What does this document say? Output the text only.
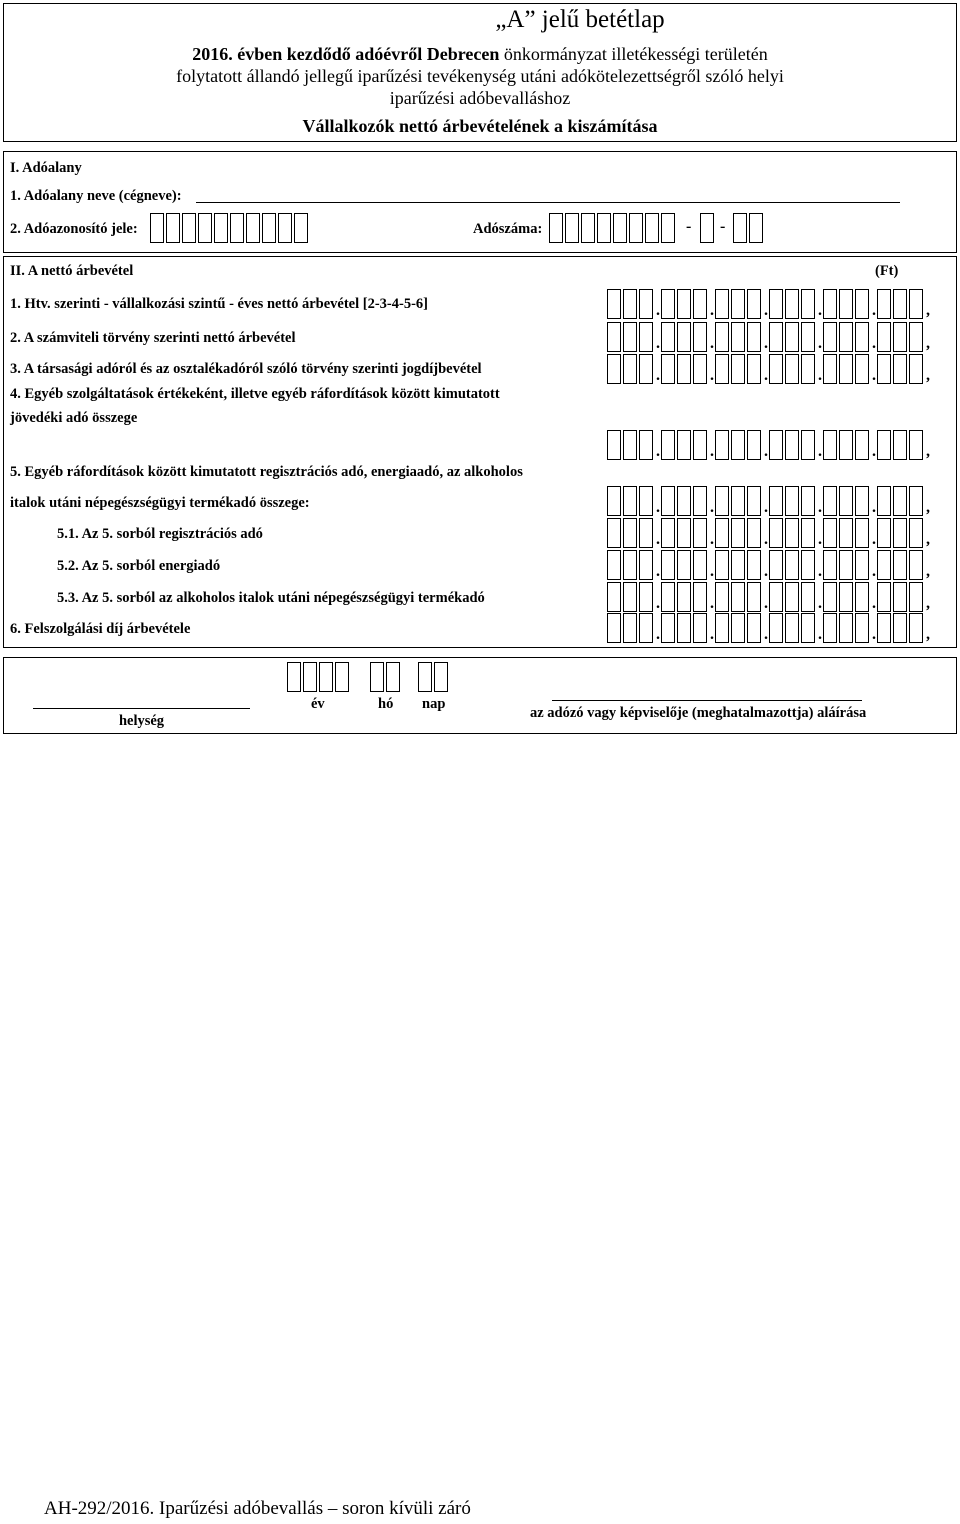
„A” jelű betétlap
2016. évben kezdődő adóévről Debrecen önkormányzat illetékességi területén
folytatott állandó jellegű iparűzési tevékenység utáni adókötelezettségről szóló helyi
iparűzési adóbevalláshoz
Vállalkozók nettó árbevételének a kiszámítása
I. Adóalany
1. Adóalany neve (cégneve):
2. Adóazonosító jele:	Adószáma:	- -
II. A nettó árbevétel	(Ft)
1. Htv. szerinti - vállalkozási szintű - éves nettó árbevétel [2-3-4-5-6]	.	.	.	.	.	,
2. A számviteli törvény szerinti nettó árbevétel	.	.	.	.	.	,
3. A társasági adóról és az osztalékadóról szóló törvény szerinti jogdíjbevétel	.	.	.	.	.	,
4. Egyéb szolgáltatások értékeként, illetve egyéb ráfordítások között kimutatott
jövedéki adó összege
.	.	.	.	.	,
5. Egyéb ráfordítások között kimutatott regisztrációs adó, energiaadó, az alkoholos
italok utáni népegészségügyi termékadó összege:	.	.	.	.	.	,
5.1. Az 5. sorból regisztrációs adó	.	.	.	.	.	,
5.2. Az 5. sorból energiadó	.	.	.	.	.	,
5.3. Az 5. sorból az alkoholos italok utáni népegészségügyi termékadó	.	.	.	.	.	,
6. Felszolgálási díj árbevétele	.	.	.	.	.	,
helység
év	hó nap
az adózó vagy képviselője (meghatalmazottja) aláírása
AH-292/2016. Iparűzési adóbevallás – soron kívüli záró
